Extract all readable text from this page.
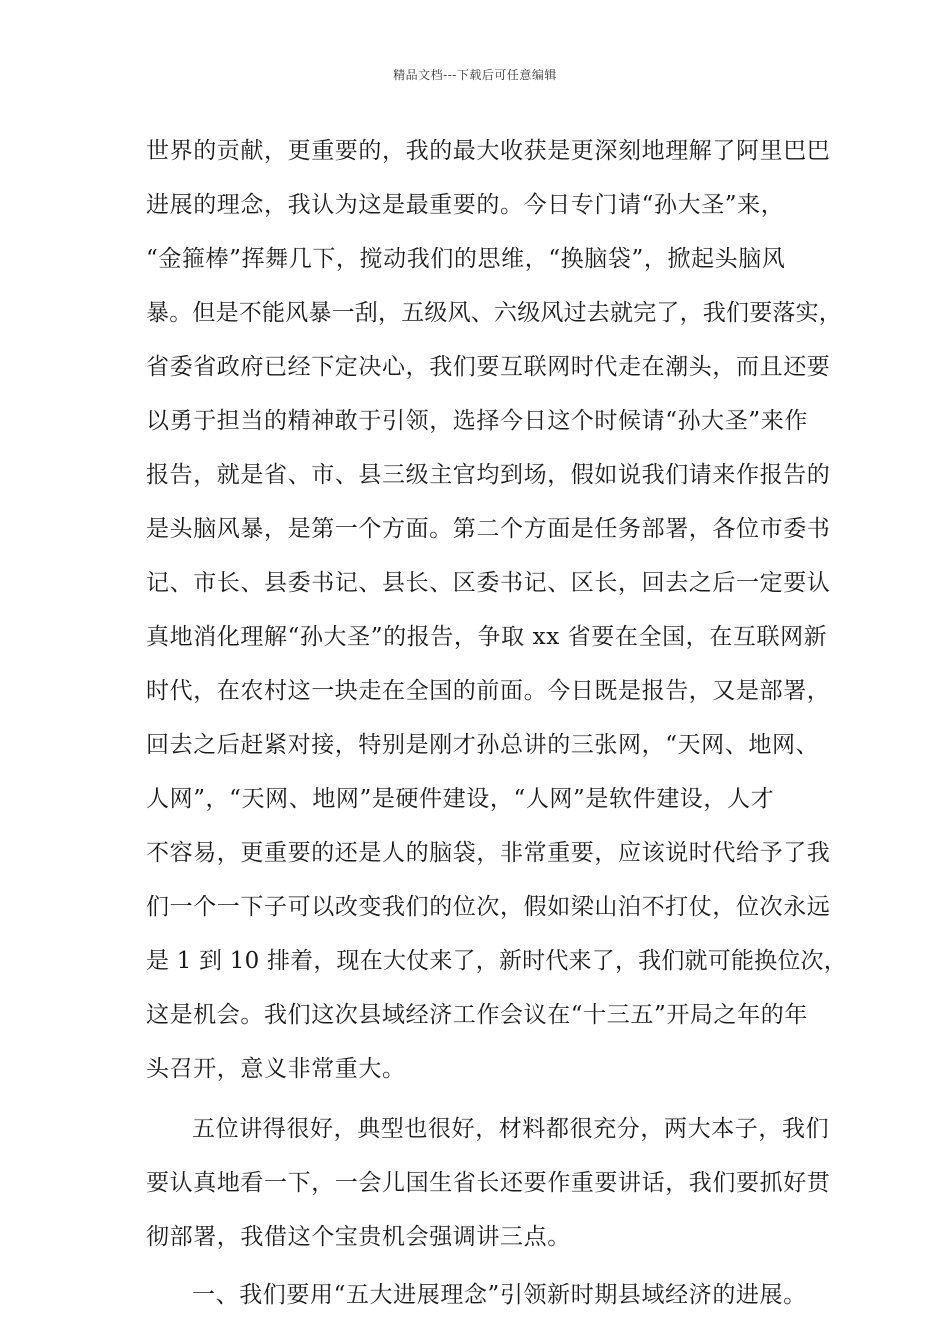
精品文档---下载后可任意编辑
世界的贡献，更重要的，我的最大收获是更深刻地理解了阿里巴巴
进展的理念，我认为这是最重要的。今日专门请“孙大圣”来，
“金箍棒”挥舞几下，搅动我们的思维，“换脑袋”，掀起头脑风
暴。但是不能风暴一刮，五级风、六级风过去就完了，我们要落实，
省委省政府已经下定决心，我们要互联网时代走在潮头，而且还要
以勇于担当的精神敢于引领，选择今日这个时候请“孙大圣”来作
报告，就是省、市、县三级主官均到场，假如说我们请来作报告的
是头脑风暴，是第一个方面。第二个方面是任务部署，各位市委书
记、市长、县委书记、县长、区委书记、区长，回去之后一定要认
真地消化理解“孙大圣”的报告，争取 xx 省要在全国，在互联网新
时代，在农村这一块走在全国的前面。今日既是报告，又是部署，
回去之后赶紧对接，特别是刚才孙总讲的三张网，“天网、地网、
人网”，“天网、地网”是硬件建设，“人网”是软件建设，人才
不容易，更重要的还是人的脑袋，非常重要，应该说时代给予了我
们一个一下子可以改变我们的位次，假如梁山泊不打仗，位次永远
是 1 到 10 排着，现在大仗来了，新时代来了，我们就可能换位次，
这是机会。我们这次县域经济工作会议在“十三五”开局之年的年
头召开，意义非常重大。
五位讲得很好，典型也很好，材料都很充分，两大本子，我们
要认真地看一下，一会儿国生省长还要作重要讲话，我们要抓好贯
彻部署，我借这个宝贵机会强调讲三点。
一、我们要用“五大进展理念”引领新时期县域经济的进展。
